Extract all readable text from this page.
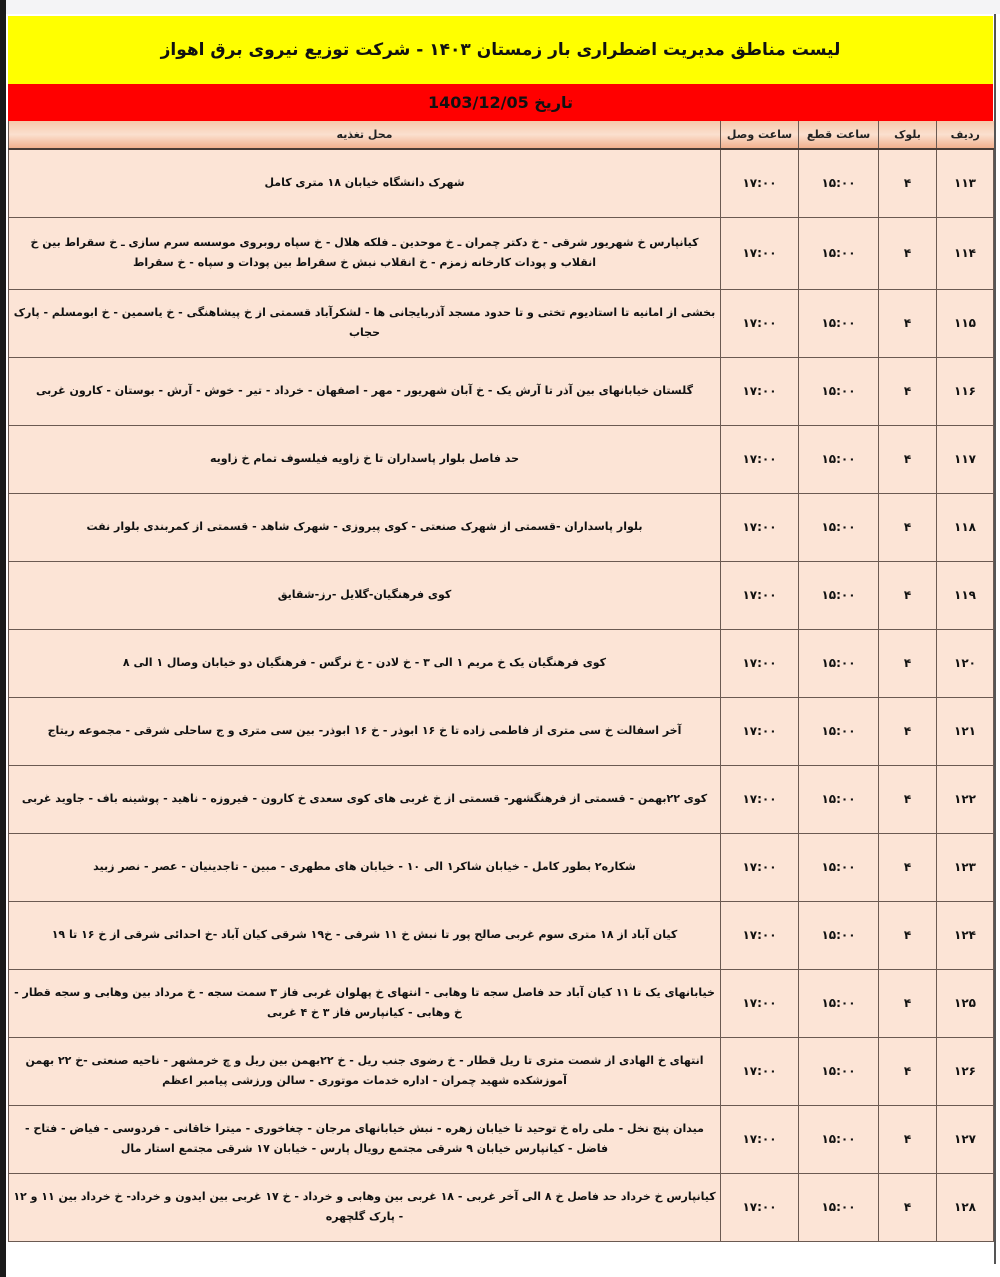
لیست مناطق مدیریت اضطراری بار زمستان ۱۴۰۳ - شرکت توزیع نیروی برق اهواز
تاریخ 1403/12/05
ردیف	بلوک	ساعت قطع	ساعت وصل	محل تغذیه
۱۱۳	۴	۱۵:۰۰	۱۷:۰۰	شهرک دانشگاه خیابان ۱۸ متری کامل
۱۱۴	۴	۱۵:۰۰	۱۷:۰۰	کیانپارس خ شهریور شرقی - خ دکتر چمران ـ خ موحدین ـ فلکه هلال - خ سپاه روبروی موسسه سرم سازی ـ خ سقراط بین خ انقلاب و پودات کارخانه زمزم - خ انقلاب نبش خ سقراط بین پودات و سپاه - خ سقراط
۱۱۵	۴	۱۵:۰۰	۱۷:۰۰	بخشی از امانیه تا استادیوم تختی و تا حدود مسجد آذربایجانی ها - لشکرآباد قسمتی از خ پیشاهنگی - خ یاسمین - خ ابومسلم - پارک حجاب
۱۱۶	۴	۱۵:۰۰	۱۷:۰۰	گلستان خیابانهای بین آذر تا آرش یک - خ آبان شهریور - مهر - اصفهان - خرداد - تیر - خوش - آرش - بوستان - کارون غربی
۱۱۷	۴	۱۵:۰۰	۱۷:۰۰	حد فاصل بلوار پاسداران تا خ زاویه فیلسوف تمام خ زاویه
۱۱۸	۴	۱۵:۰۰	۱۷:۰۰	بلوار پاسداران -قسمتی از شهرک صنعتی - کوی پیروزی - شهرک شاهد - قسمتی از کمربندی بلوار نفت
۱۱۹	۴	۱۵:۰۰	۱۷:۰۰	کوی فرهنگیان-گلایل -رز-شقایق
۱۲۰	۴	۱۵:۰۰	۱۷:۰۰	کوی فرهنگیان یک خ مریم ۱ الی ۳ - خ لادن - خ نرگس - فرهنگیان دو خیابان وصال ۱ الی ۸
۱۲۱	۴	۱۵:۰۰	۱۷:۰۰	آخر اسفالت خ سی متری از فاطمی زاده تا خ ۱۶ ابوذر - خ ۱۶ ابوذر- بین سی متری و ج ساحلی شرقی - مجموعه ریتاج
۱۲۲	۴	۱۵:۰۰	۱۷:۰۰	کوی ۲۲بهمن - قسمتی از فرهنگشهر- قسمتی از خ غربی های کوی سعدی خ کارون - فیروزه - ناهید - پوشینه باف - جاوید غربی
۱۲۳	۴	۱۵:۰۰	۱۷:۰۰	شکاره۲ بطور کامل - خیابان شاکر۱ الی ۱۰ - خیابان های مطهری - مبین - تاجدینیان - عصر - نصر زبید
۱۲۴	۴	۱۵:۰۰	۱۷:۰۰	کیان آباد از ۱۸ متری سوم غربی صالح پور تا نبش خ ۱۱ شرقی - خ۱۹ شرقی کیان آباد -خ احدائی شرقی از خ ۱۶ تا ۱۹
۱۲۵	۴	۱۵:۰۰	۱۷:۰۰	خیابانهای یک تا ۱۱ کیان آباد حد فاصل سجه تا وهابی - انتهای خ پهلوان غربی فاز ۳ سمت سجه - خ مرداد بین وهابی و سجه قطار - خ وهابی - کیانپارس فاز ۳ خ ۴ غربی
۱۲۶	۴	۱۵:۰۰	۱۷:۰۰	انتهای خ الهادی از شصت متری تا ریل قطار - خ رضوی جنب ریل - خ ۲۲بهمن بین ریل و چ خرمشهر - ناحیه صنعتی -خ ۲۲ بهمن آموزشکده شهید چمران - اداره خدمات موتوری - سالن ورزشی پیامبر اعظم
۱۲۷	۴	۱۵:۰۰	۱۷:۰۰	میدان پنج نخل - ملی راه خ توحید تا خیابان زهره - نبش خیابانهای مرجان - چغاخوری - میترا خاقانی - فردوسی - فیاض - فتاح - فاضل - کیانپارس خیابان ۹ شرقی مجتمع رویال پارس - خیابان ۱۷ شرقی مجتمع استار مال
۱۲۸	۴	۱۵:۰۰	۱۷:۰۰	کیانپارس خ خرداد حد فاصل خ ۸ الی آخر غربی - ۱۸ غربی بین وهابی و خرداد - خ ۱۷ غربی بین ایدون و خرداد- خ خرداد بین ۱۱ و ۱۲ - پارک گلچهره
